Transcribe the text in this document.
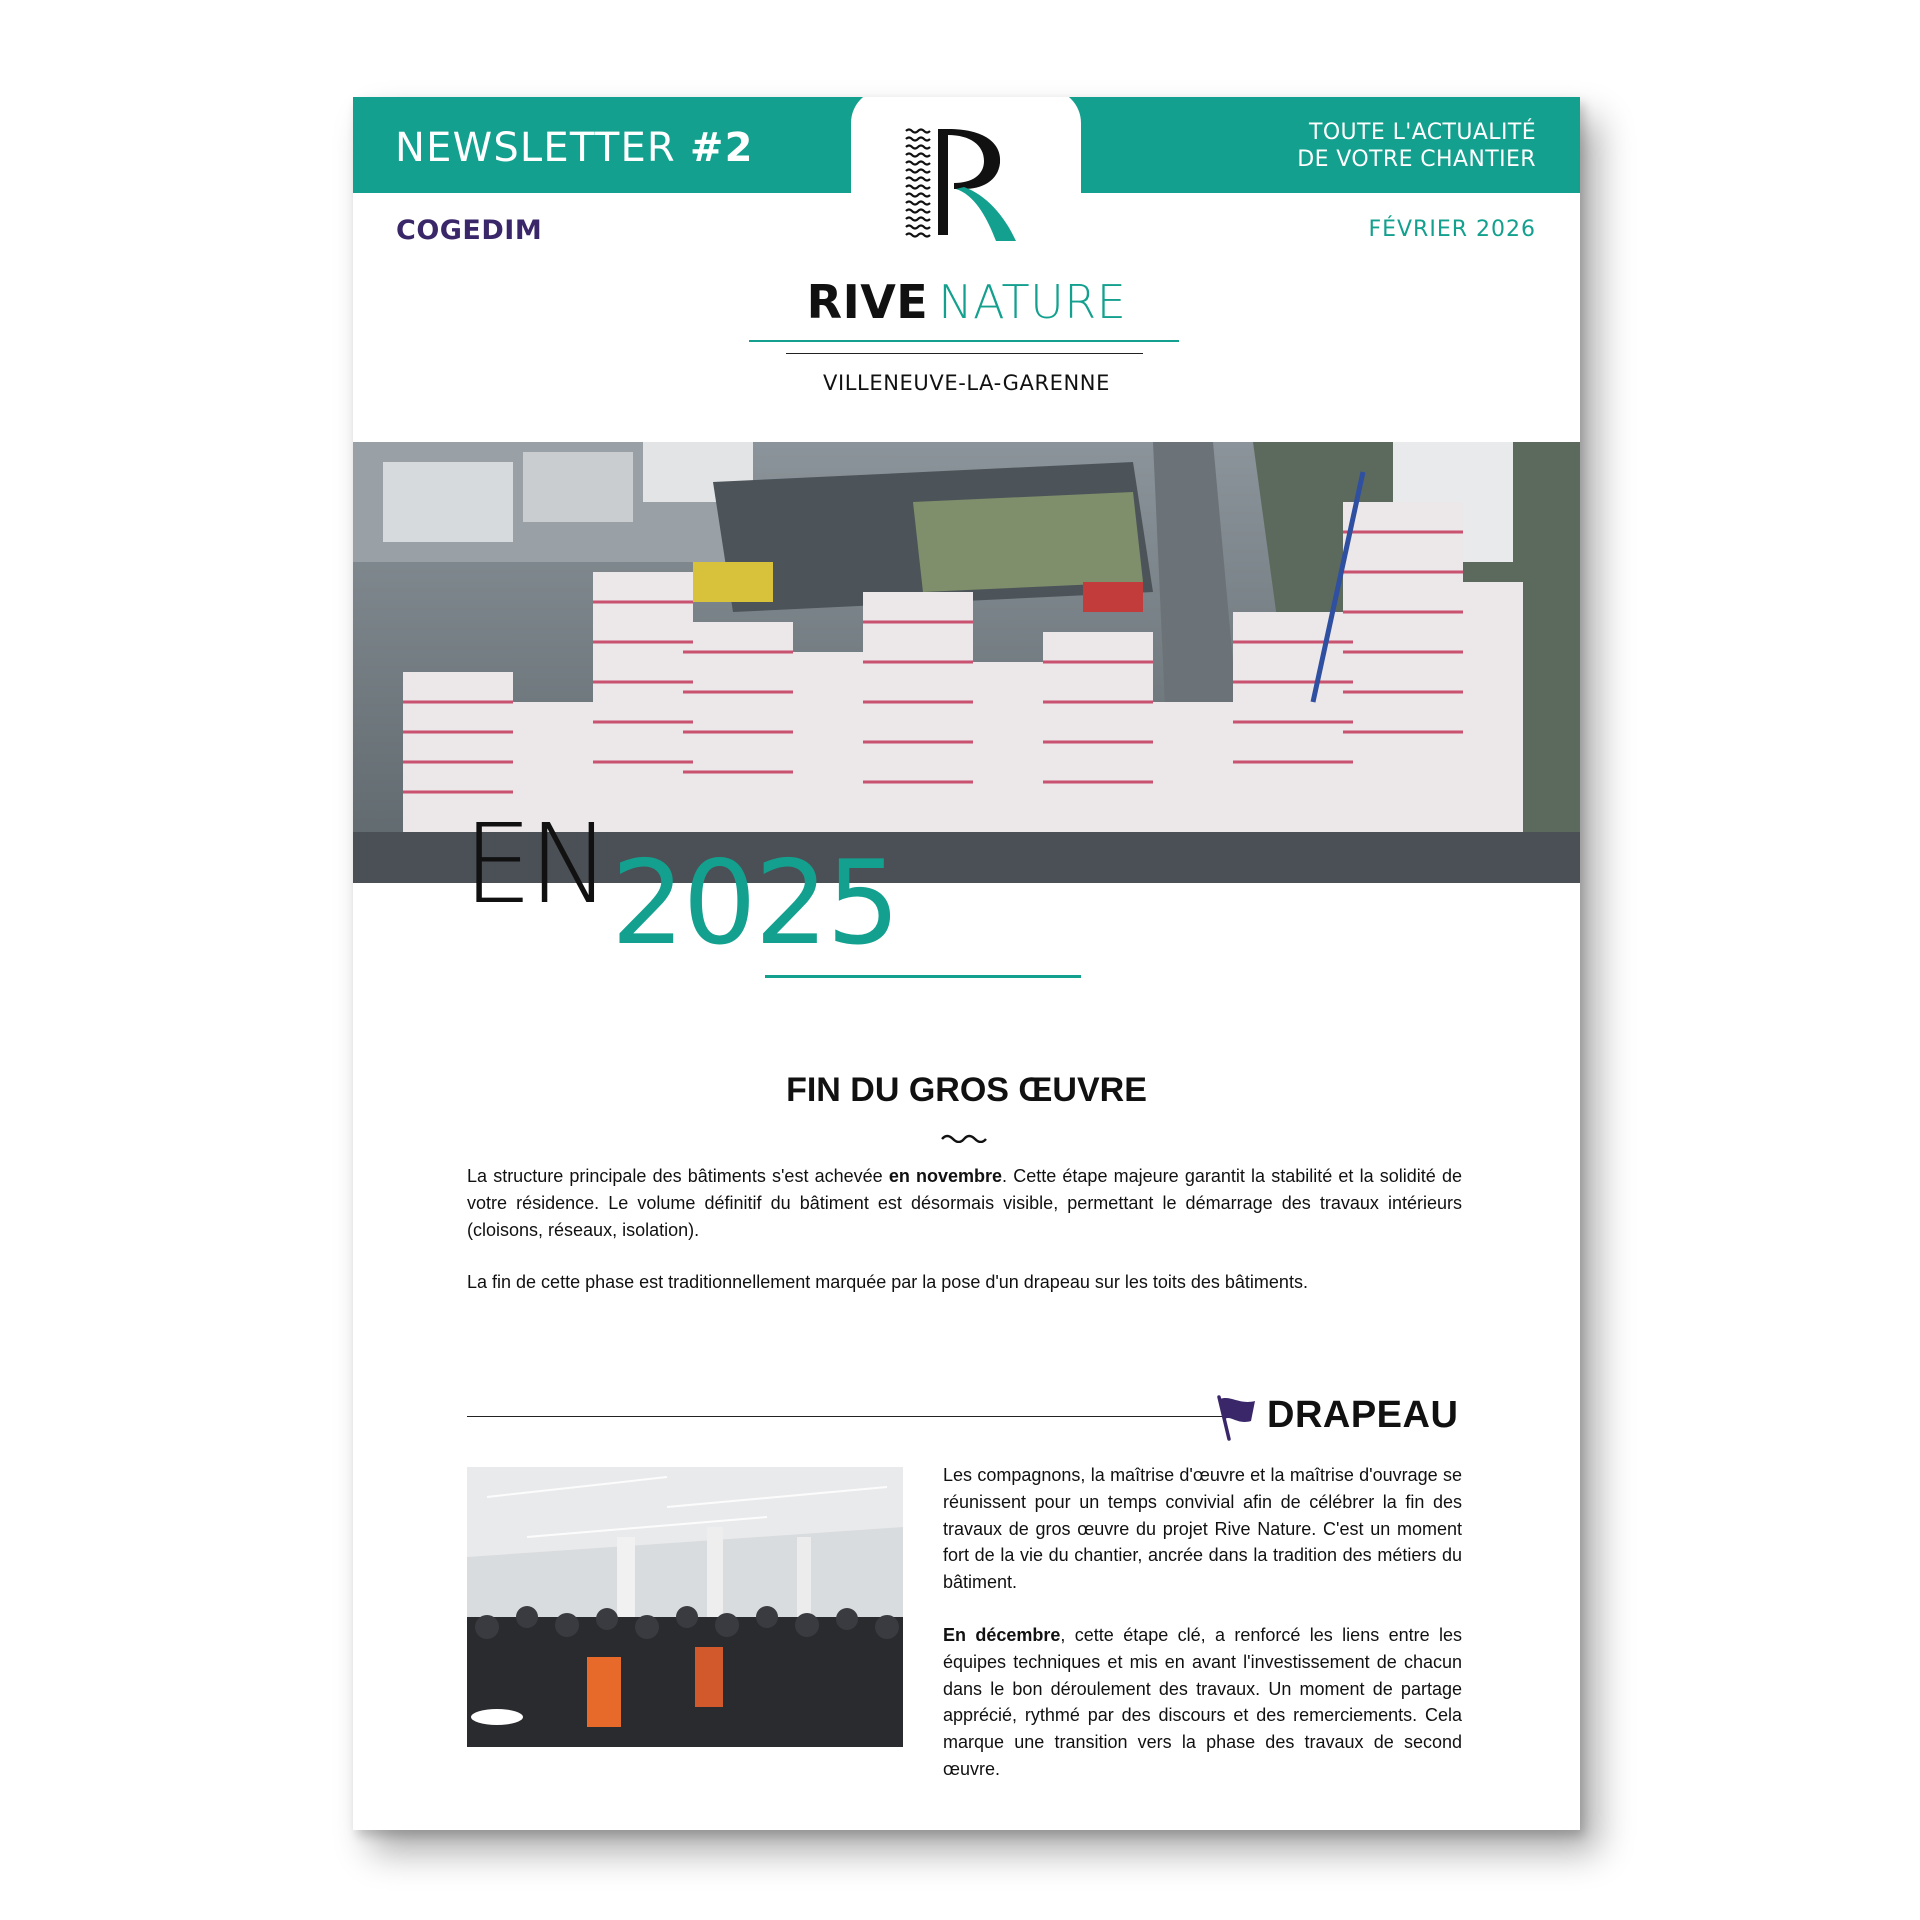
NEWSLETTER #2	TOUTE L'ACTUALITÉ
DE VOTRE CHANTIER
COGEDIM	FÉVRIER 2026
RIVE NATURE
VILLENEUVE-LA-GARENNE
EN 2025
FIN DU GROS ŒUVRE

La structure principale des bâtiments s'est achevée en novembre. Cette étape majeure garantit la stabilité et la solidité de votre résidence. Le volume définitif du bâtiment est désormais visible, permettant le démarrage des travaux intérieurs (cloisons, réseaux, isolation).

La fin de cette phase est traditionnellement marquée par la pose d'un drapeau sur les toits des bâtiments.

DRAPEAU

Les compagnons, la maîtrise d'œuvre et la maîtrise d'ouvrage se réunissent pour un temps convivial afin de célébrer la fin des travaux de gros œuvre du projet Rive Nature. C'est un moment fort de la vie du chantier, ancrée dans la tradition des métiers du bâtiment.

En décembre, cette étape clé, a renforcé les liens entre les équipes techniques et mis en avant l'investissement de chacun dans le bon déroulement des travaux. Un moment de partage apprécié, rythmé par des discours et des remerciements. Cela marque une transition vers la phase des travaux de second œuvre.
